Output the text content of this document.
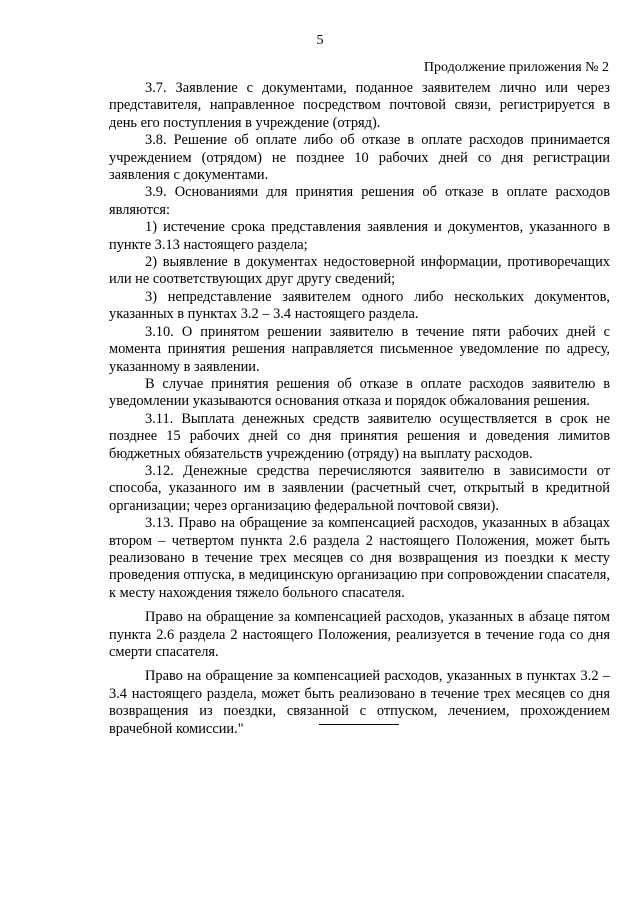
5
Продолжение приложения № 2

3.7. Заявление с документами, поданное заявителем лично или через представителя, направленное посредством почтовой связи, регистрируется в день его поступления в учреждение (отряд).

3.8. Решение об оплате либо об отказе в оплате расходов принимается учреждением (отрядом) не позднее 10 рабочих дней со дня регистрации заявления с документами.

3.9. Основаниями для принятия решения об отказе в оплате расходов являются:

1) истечение срока представления заявления и документов, указанного в пункте 3.13 настоящего раздела;

2) выявление в документах недостоверной информации, противоречащих или не соответствующих друг другу сведений;

3) непредставление заявителем одного либо нескольких документов, указанных в пунктах 3.2 – 3.4 настоящего раздела.

3.10. О принятом решении заявителю в течение пяти рабочих дней с момента принятия решения направляется письменное уведомление по адресу, указанному в заявлении.

В случае принятия решения об отказе в оплате расходов заявителю в уведомлении указываются основания отказа и порядок обжалования решения.

3.11. Выплата денежных средств заявителю осуществляется в срок не позднее 15 рабочих дней со дня принятия решения и доведения лимитов бюджетных обязательств учреждению (отряду) на выплату расходов.

3.12. Денежные средства перечисляются заявителю в зависимости от способа, указанного им в заявлении (расчетный счет, открытый в кредитной организации; через организацию федеральной почтовой связи).

3.13. Право на обращение за компенсацией расходов, указанных в абзацах втором – четвертом пункта 2.6 раздела 2 настоящего Положения, может быть реализовано в течение трех месяцев со дня возвращения из поездки к месту проведения отпуска, в медицинскую организацию при сопровождении спасателя, к месту нахождения тяжело больного спасателя.

Право на обращение за компенсацией расходов, указанных в абзаце пятом пункта 2.6 раздела 2 настоящего Положения, реализуется в течение года со дня смерти спасателя.

Право на обращение за компенсацией расходов, указанных в пунктах 3.2 – 3.4 настоящего раздела, может быть реализовано в течение трех месяцев со дня возвращения из поездки, связанной с отпуском, лечением, прохождением врачебной комиссии."
